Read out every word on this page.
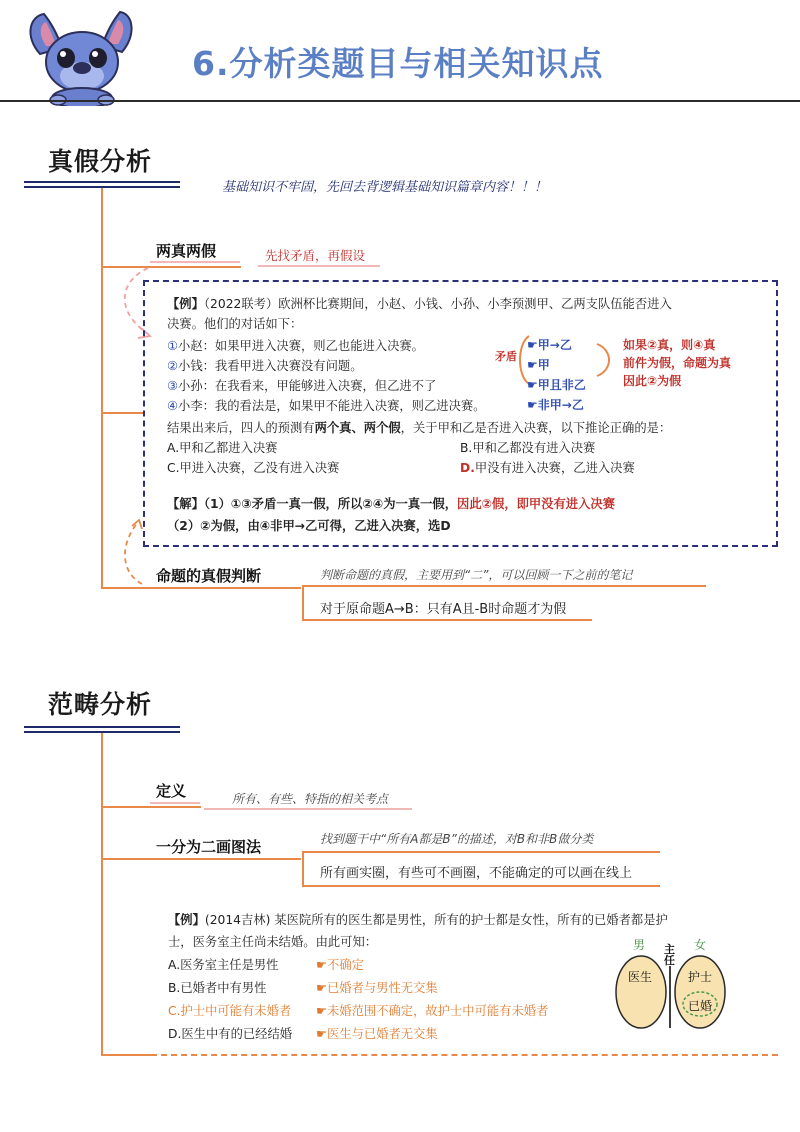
6.分析类题目与相关知识点
真假分析
基础知识不牢固，先回去背逻辑基础知识篇章内容！！！
两真两假	先找矛盾，再假设
【例】（2022联考）欧洲杯比赛期间，小赵、小钱、小孙、小李预测甲、乙两支队伍能否进入
决赛。他们的对话如下：
①小赵：如果甲进入决赛，则乙也能进入决赛。
②小钱：我看甲进入决赛没有问题。
③小孙：在我看来，甲能够进入决赛，但乙进不了
④小李：我的看法是，如果甲不能进入决赛，则乙进决赛。
矛盾
☛甲→乙
☛甲
☛甲且非乙
☛非甲→乙
如果②真，则④真
前件为假，命题为真
因此②为假
结果出来后，四人的预测有两个真、两个假，关于甲和乙是否进入决赛，以下推论正确的是：
A.甲和乙都进入决赛	B.甲和乙都没有进入决赛
C.甲进入决赛，乙没有进入决赛	D.甲没有进入决赛，乙进入决赛
【解】（1）①③矛盾一真一假，所以②④为一真一假，因此②假，即甲没有进入决赛
（2）②为假，由④非甲→乙可得，乙进入决赛，选D
命题的真假判断	判断命题的真假，主要用到“二”，可以回顾一下之前的笔记
对于原命题A→B：只有A且-B时命题才为假
范畴分析
定义	所有、有些、特指的相关考点
一分为二画图法	找到题干中“所有A都是B”的描述，对B和非B做分类
所有画实圈，有些可不画圈，不能确定的可以画在线上
【例】(2014吉林) 某医院所有的医生都是男性，所有的护士都是女性，所有的已婚者都是护
士，医务室主任尚未结婚。由此可知：
A.医务室主任是男性	☛不确定
B.已婚者中有男性	☛已婚者与男性无交集
C.护士中可能有未婚者 ☛未婚范围不确定，故护士中可能有未婚者
D.医生中有的已经结婚 ☛医生与已婚者无交集
男	女
主任
医生	护士
已婚
